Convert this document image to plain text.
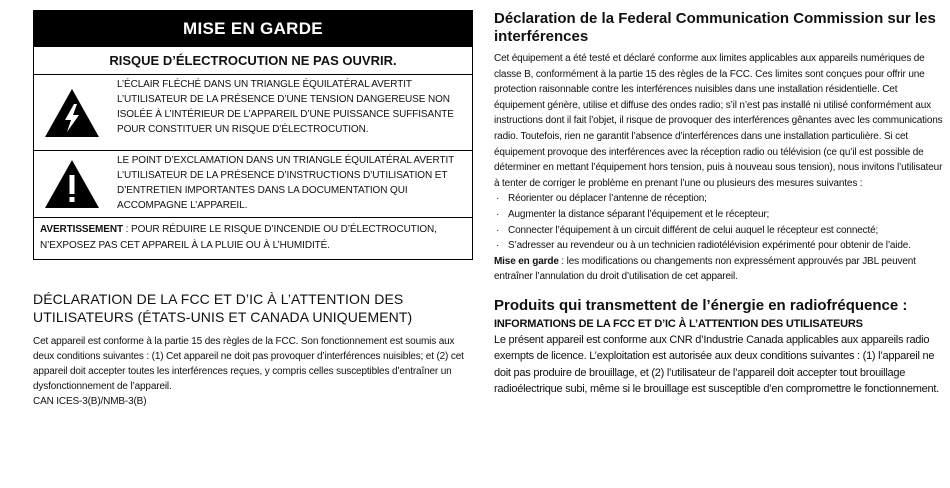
MISE EN GARDE
RISQUE D’ÉLECTROCUTION NE PAS OUVRIR.
L’ÉCLAIR FLÉCHÉ DANS UN TRIANGLE ÉQUILATÉRAL AVERTIT L’UTILISATEUR DE LA PRÉSENCE D’UNE TENSION DANGEREUSE NON ISOLÉE À L’INTÉRIEUR DE L’APPAREIL D’UNE PUISSANCE SUFFISANTE POUR CONSTITUER UN RISQUE D’ÉLECTROCUTION.
LE POINT D’EXCLAMATION DANS UN TRIANGLE ÉQUILATÉRAL AVERTIT L’UTILISATEUR DE LA PRÉSENCE D’INSTRUCTIONS D’UTILISATION ET D’ENTRETIEN IMPORTANTES DANS LA DOCUMENTATION QUI ACCOMPAGNE L’APPAREIL.
AVERTISSEMENT : POUR RÉDUIRE LE RISQUE D’INCENDIE OU D’ÉLECTROCUTION, N’EXPOSEZ PAS CET APPAREIL À LA PLUIE OU À L’HUMIDITÉ.
DÉCLARATION DE LA FCC ET D’IC À L’ATTENTION DES UTILISATEURS (ÉTATS-UNIS ET CANADA UNIQUEMENT)
Cet appareil est conforme à la partie 15 des règles de la FCC. Son fonctionnement est soumis aux deux conditions suivantes : (1) Cet appareil ne doit pas provoquer d’interférences nuisibles; et (2) cet appareil doit accepter toutes les interférences reçues, y compris celles susceptibles d’entraîner un dysfonctionnement de l’appareil.
CAN ICES-3(B)/NMB-3(B)
Déclaration de la Federal Communication Commission sur les interférences
Cet équipement a été testé et déclaré conforme aux limites applicables aux appareils numériques de classe B, conformément à la partie 15 des règles de la FCC. Ces limites sont conçues pour offrir une protection raisonnable contre les interférences nuisibles dans une installation résidentielle. Cet équipement génère, utilise et diffuse des ondes radio; s’il n’est pas installé ni utilisé conformément aux instructions dont il fait l’objet, il risque de provoquer des interférences gênantes avec les communications radio. Toutefois, rien ne garantit l’absence d’interférences dans une installation particulière. Si cet équipement provoque des interférences avec la réception radio ou télévision (ce qu’il est possible de déterminer en mettant l’équipement hors tension, puis à nouveau sous tension), nous invitons l’utilisateur à tenter de corriger le problème en prenant l’une ou plusieurs des mesures suivantes :
· Réorienter ou déplacer l’antenne de réception;
· Augmenter la distance séparant l’équipement et le récepteur;
· Connecter l’équipement à un circuit différent de celui auquel le récepteur est connecté;
· S’adresser au revendeur ou à un technicien radiotélévision expérimenté pour obtenir de l’aide.
Mise en garde : les modifications ou changements non expressément approuvés par JBL peuvent entraîner l’annulation du droit d’utilisation de cet appareil.
Produits qui transmettent de l’énergie en radiofréquence :
INFORMATIONS DE LA FCC ET D’IC À L’ATTENTION DES UTILISATEURS
Le présent appareil est conforme aux CNR d’Industrie Canada applicables aux appareils radio exempts de licence. L’exploitation est autorisée aux deux conditions suivantes : (1) l’appareil ne doit pas produire de brouillage, et (2) l’utilisateur de l’appareil doit accepter tout brouillage radioélectrique subi, même si le brouillage est susceptible d’en compromettre le fonctionnement.
